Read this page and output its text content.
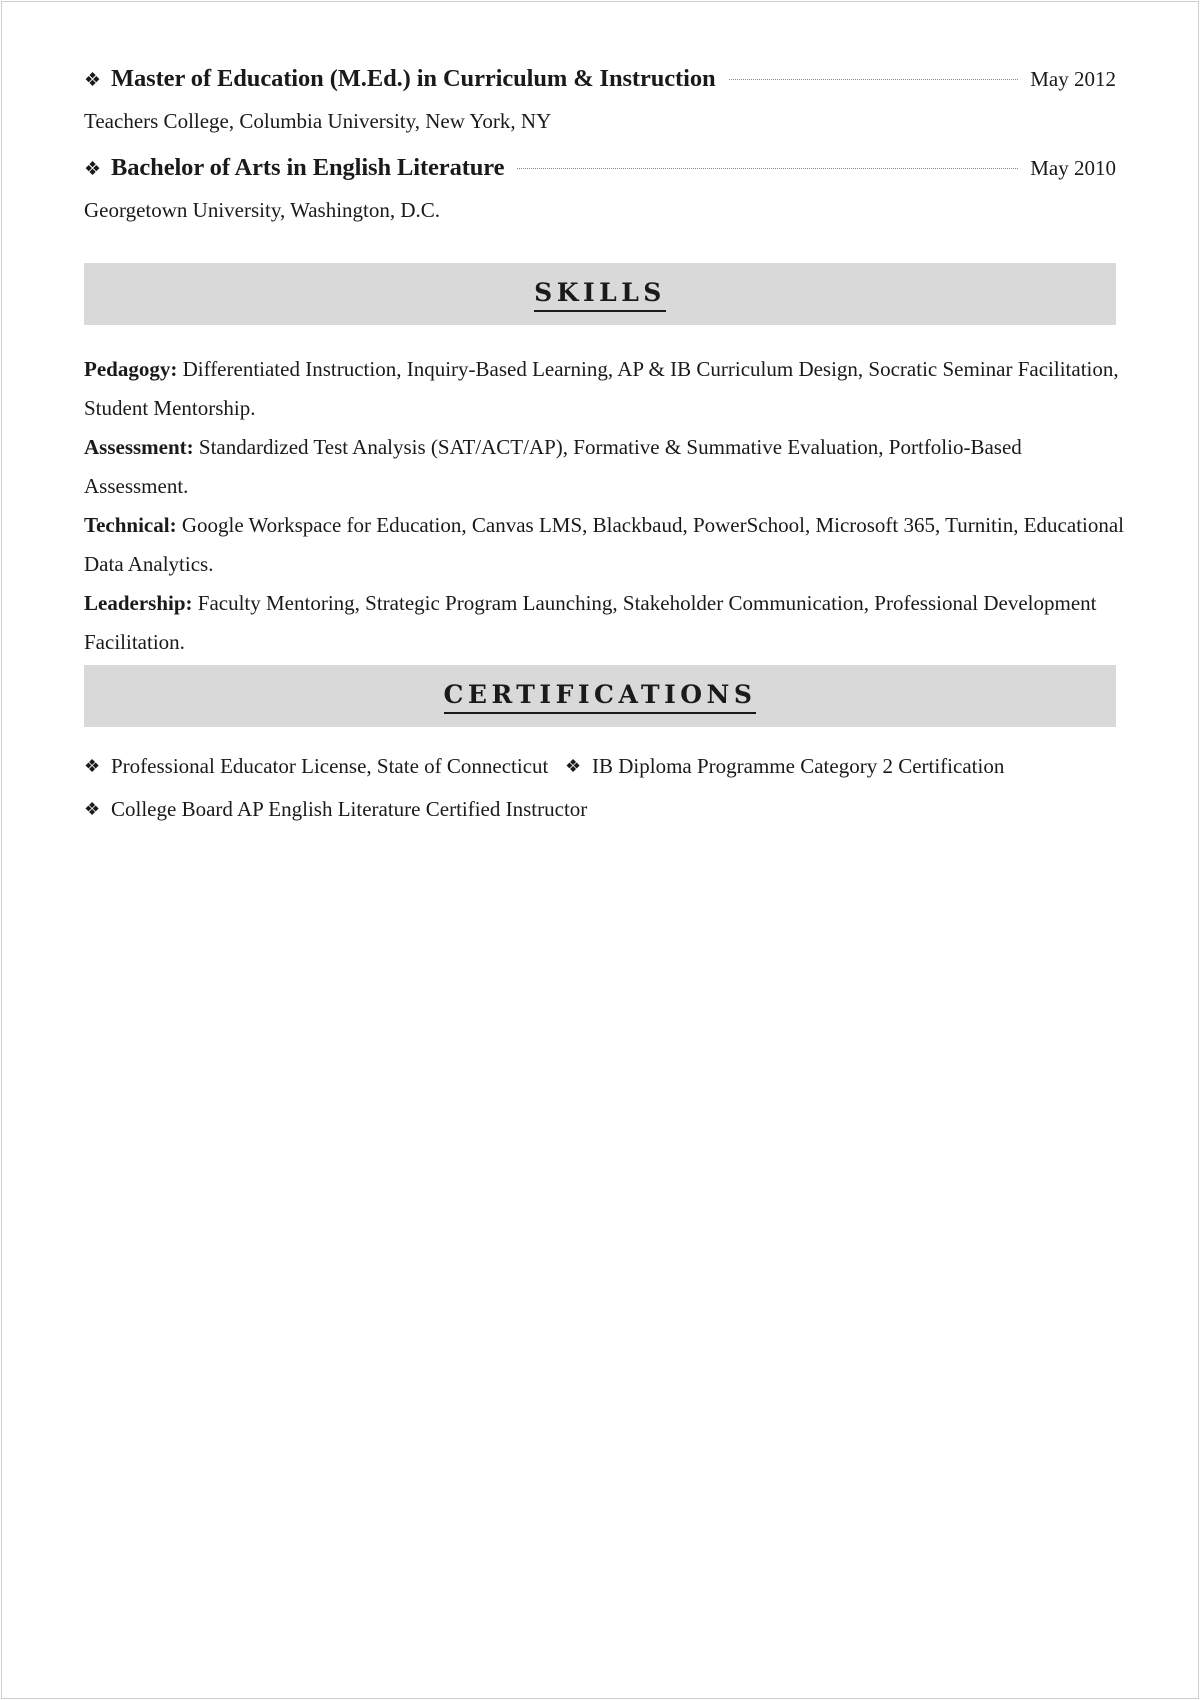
❖ Master of Education (M.Ed.) in Curriculum & Instruction	May 2012
Teachers College, Columbia University, New York, NY
❖ Bachelor of Arts in English Literature	May 2010
Georgetown University, Washington, D.C.
SKILLS

Pedagogy: Differentiated Instruction, Inquiry-Based Learning, AP & IB Curriculum Design, Socratic Seminar Facilitation, Student Mentorship.

Assessment: Standardized Test Analysis (SAT/ACT/AP), Formative & Summative Evaluation, Portfolio-Based Assessment.

Technical: Google Workspace for Education, Canvas LMS, Blackbaud, PowerSchool, Microsoft 365, Turnitin, Educational Data Analytics.

Leadership: Faculty Mentoring, Strategic Program Launching, Stakeholder Communication, Professional Development Facilitation.

CERTIFICATIONS
❖ Professional Educator License, State of Connecticut ❖ IB Diploma Programme Category 2 Certification
❖ College Board AP English Literature Certified Instructor
